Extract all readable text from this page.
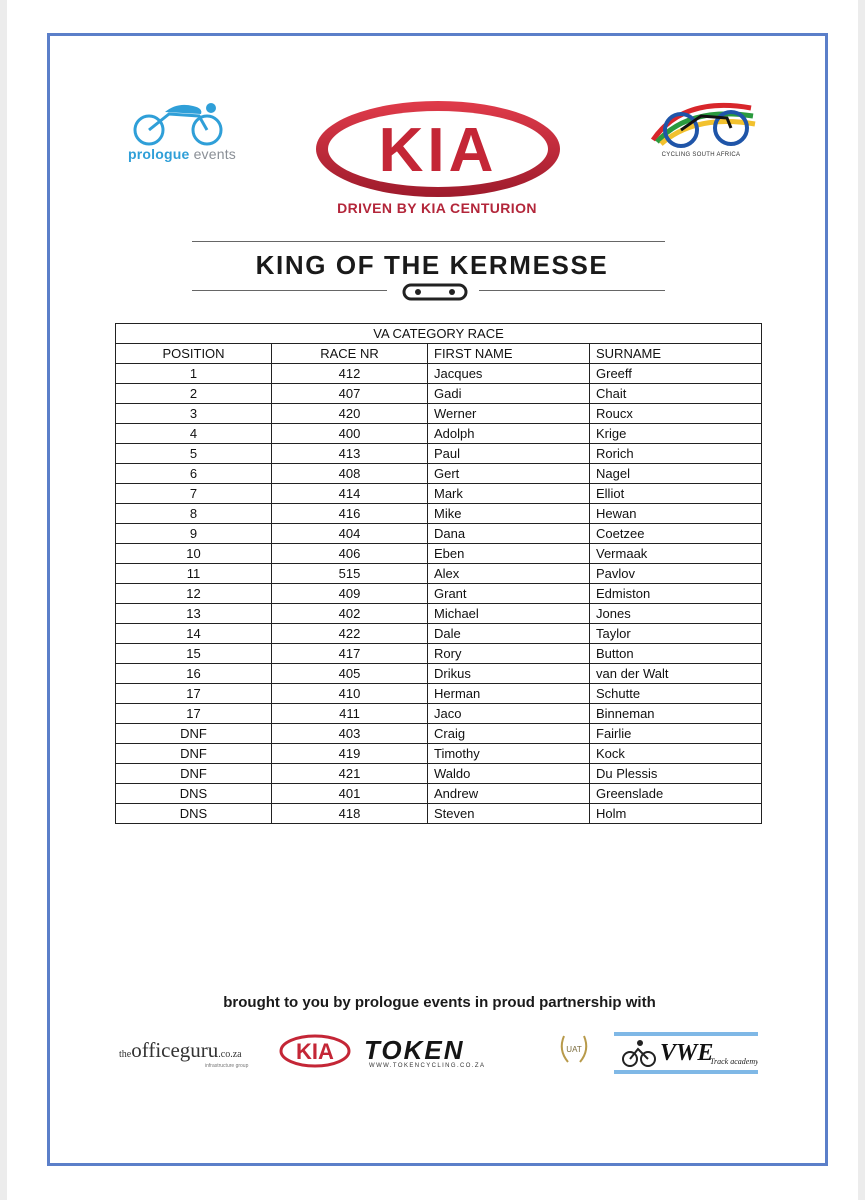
prologue events	KIA
DRIVEN BY KIA CENTURION
CYCLING SOUTH AFRICA
KING OF THE KERMESSE
VA CATEGORY RACE			
POSITION	RACE NR	FIRST NAME	SURNAME
1	412	Jacques	Greeff
2	407	Gadi	Chait
3	420	Werner	Roucx
4	400	Adolph	Krige
5	413	Paul	Rorich
6	408	Gert	Nagel
7	414	Mark	Elliot
8	416	Mike	Hewan
9	404	Dana	Coetzee
10	406	Eben	Vermaak
11	515	Alex	Pavlov
12	409	Grant	Edmiston
13	402	Michael	Jones
14	422	Dale	Taylor
15	417	Rory	Button
16	405	Drikus	van der Walt
17	410	Herman	Schutte
17	411	Jaco	Binneman
DNF	403	Craig	Fairlie
DNF	419	Timothy	Kock
DNF	421	Waldo	Du Plessis
DNS	401	Andrew	Greenslade
DNS	418	Steven	Holm
brought to you by prologue events in proud partnership with
theofficeguru.co.za
infrastructure group
KIA TOKEN
WWW.TOKENCYCLING.CO.ZA
UAT	VWE
Track academy
